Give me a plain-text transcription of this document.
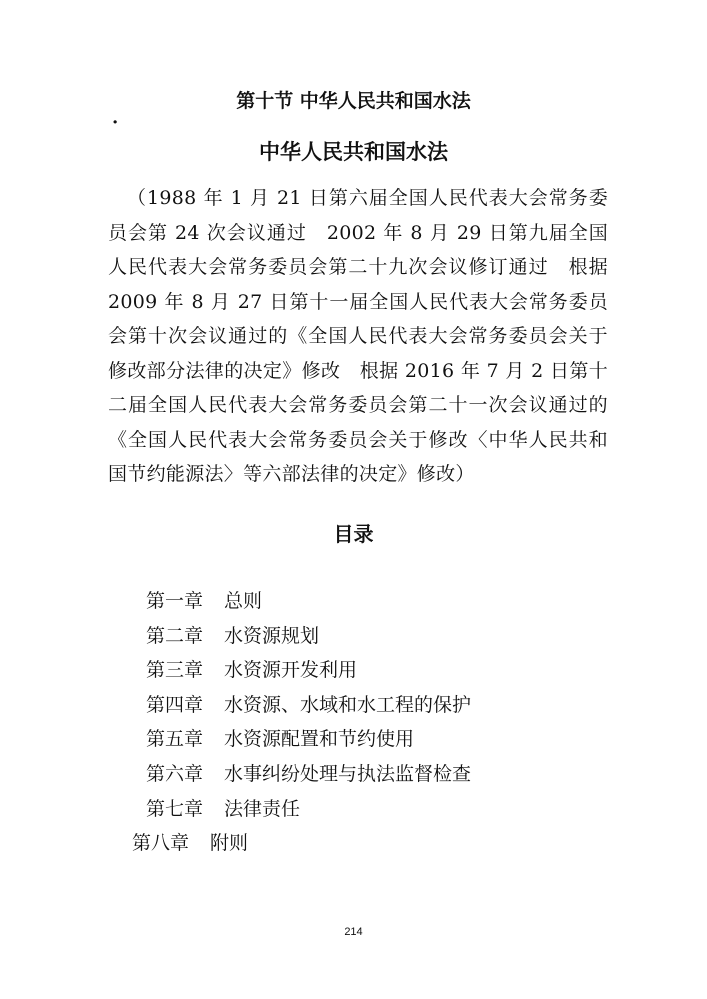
第十节 中华人民共和国水法
·
中华人民共和国水法

（1988 年 1 月 21 日第六届全国人民代表大会常务委员会第 24 次会议通过　2002 年 8 月 29 日第九届全国人民代表大会常务委员会第二十九次会议修订通过　根据 2009 年 8 月 27 日第十一届全国人民代表大会常务委员会第十次会议通过的《全国人民代表大会常务委员会关于修改部分法律的决定》修改　根据 2016 年 7 月 2 日第十二届全国人民代表大会常务委员会第二十一次会议通过的《全国人民代表大会常务委员会关于修改〈中华人民共和国节约能源法〉等六部法律的决定》修改）

目录
第一章 总则
第二章 水资源规划
第三章 水资源开发利用
第四章 水资源、水域和水工程的保护
第五章 水资源配置和节约使用
第六章 水事纠纷处理与执法监督检查
第七章 法律责任
第八章 附则
214
